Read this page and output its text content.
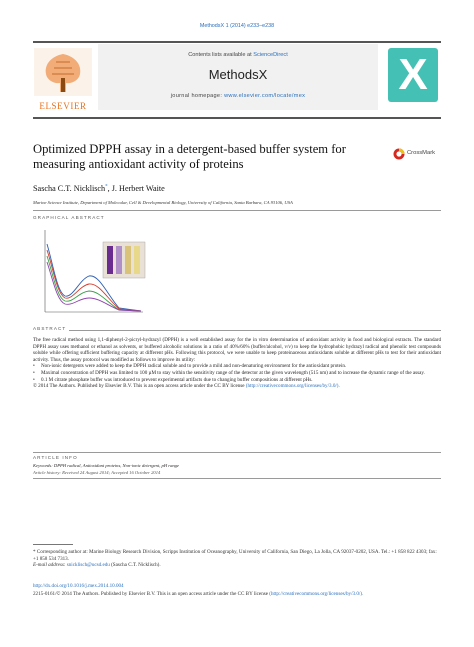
MethodsX 1 (2014) e233–e238
ELSEVIER
Contents lists available at ScienceDirect
MethodsX
journal homepage: www.elsevier.com/locate/mex	X
Optimized DPPH assay in a detergent-based buffer system for measuring antioxidant activity of proteins
CrossMark
Sascha C.T. Nicklisch*, J. Herbert Waite
Marine Science Institute, Department of Molecular, Cell & Developmental Biology, University of California, Santa Barbara, CA 93106, USA
GRAPHICAL ABSTRACT
ABSTRACT

The free radical method using 1,1-diphenyl-2-picryl-hydrazyl (DPPH) is a well established assay for the in vitro determination of antioxidant activity in food and biological extracts. The standard DPPH assay uses methanol or ethanol as solvents, or buffered alcoholic solutions in a ratio of 40%/60% (buffer/alcohol, v/v) to keep the hydrophobic hydrazyl radical and phenolic test compounds soluble while offering sufficient buffering capacity at different pHs. Following this protocol, we were unable to keep proteinaceous antioxidants soluble at different pHs to test for their antioxidant activity. Thus, the assay protocol was modified as follows to improve its utility:

•	Non-ionic detergents were added to keep the DPPH radical soluble and to provide a mild and non-denaturing environment for the antioxidant protein.
•	Maximal concentration of DPPH was limited to 100 µM to stay within the sensitivity range of the detector at the given wavelength (515 nm) and to increase the dynamic range of the assay.
•	0.1 M citrate phosphate buffer was introduced to prevent experimental artifacts due to changing buffer compositions at different pHs.

© 2014 The Authors. Published by Elsevier B.V. This is an open access article under the CC BY license (http://creativecommons.org/licenses/by/3.0/).

ARTICLE INFO
Keywords: DPPH radical, Antioxidant proteins, Non-ionic detergent, pH range
Article history: Received 24 August 2014; Accepted 16 October 2014

* Corresponding author at: Marine Biology Research Division, Scripps Institution of Oceanography, University of California, San Diego, La Jolla, CA 92037-0202, USA. Tel.: +1 858 822 4303; fax: +1 858 534 7313.

E-mail address: snicklisch@ucsd.edu (Sascha C.T. Nicklisch).

http://dx.doi.org/10.1016/j.mex.2014.10.004
2215-0161/© 2014 The Authors. Published by Elsevier B.V. This is an open access article under the CC BY license (http://creativecommons.org/licenses/by/3.0/).
